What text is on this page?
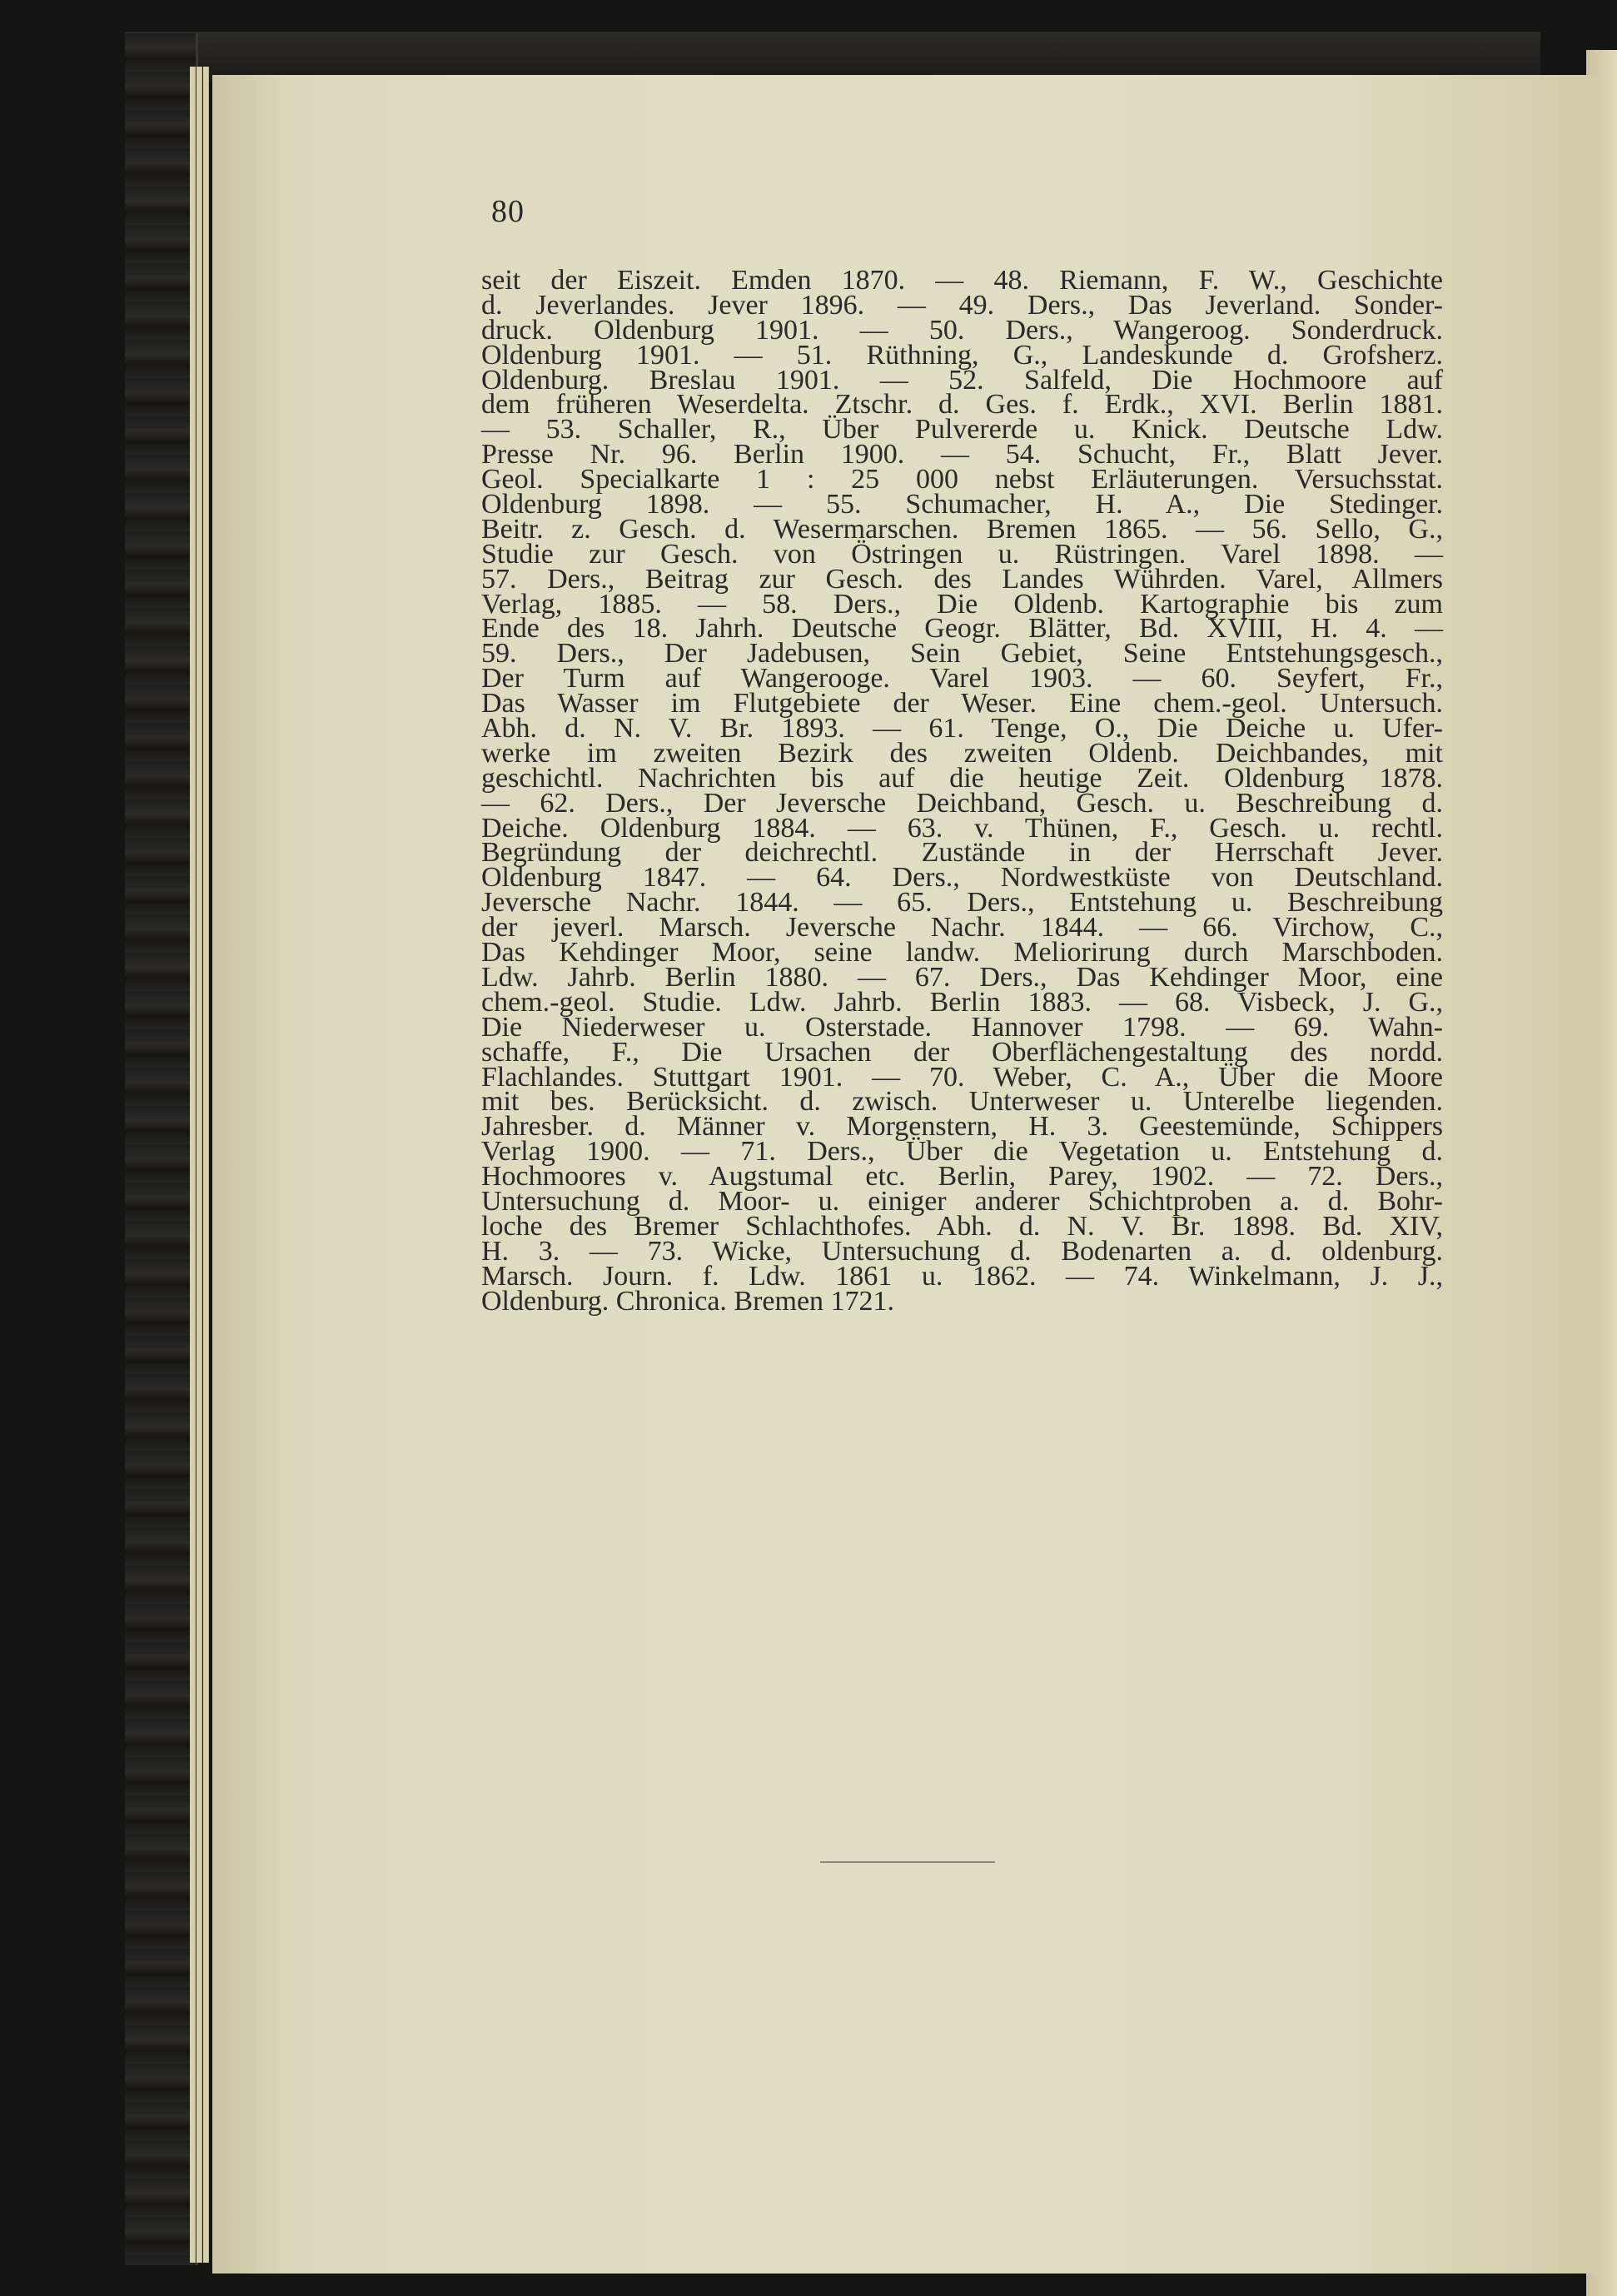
80
seit der Eiszeit. Emden 1870. — 48. Riemann, F. W., Geschichte
d. Jeverlandes. Jever 1896. — 49. Ders., Das Jeverland. Sonder-
druck. Oldenburg 1901. — 50. Ders., Wangeroog. Sonderdruck.
Oldenburg 1901. — 51. Rüthning, G., Landeskunde d. Grofsherz.
Oldenburg. Breslau 1901. — 52. Salfeld, Die Hochmoore auf
dem früheren Weserdelta. Ztschr. d. Ges. f. Erdk., XVI. Berlin 1881.
— 53. Schaller, R., Über Pulvererde u. Knick. Deutsche Ldw.
Presse Nr. 96. Berlin 1900. — 54. Schucht, Fr., Blatt Jever.
Geol. Specialkarte 1 : 25 000 nebst Erläuterungen. Versuchsstat.
Oldenburg 1898. — 55. Schumacher, H. A., Die Stedinger.
Beitr. z. Gesch. d. Wesermarschen. Bremen 1865. — 56. Sello, G.,
Studie zur Gesch. von Östringen u. Rüstringen. Varel 1898. —
57. Ders., Beitrag zur Gesch. des Landes Wührden. Varel, Allmers
Verlag, 1885. — 58. Ders., Die Oldenb. Kartographie bis zum
Ende des 18. Jahrh. Deutsche Geogr. Blätter, Bd. XVIII, H. 4. —
59. Ders., Der Jadebusen, Sein Gebiet, Seine Entstehungsgesch.,
Der Turm auf Wangerooge. Varel 1903. — 60. Seyfert, Fr.,
Das Wasser im Flutgebiete der Weser. Eine chem.-geol. Untersuch.
Abh. d. N. V. Br. 1893. — 61. Tenge, O., Die Deiche u. Ufer-
werke im zweiten Bezirk des zweiten Oldenb. Deichbandes, mit
geschichtl. Nachrichten bis auf die heutige Zeit. Oldenburg 1878.
— 62. Ders., Der Jeversche Deichband, Gesch. u. Beschreibung d.
Deiche. Oldenburg 1884. — 63. v. Thünen, F., Gesch. u. rechtl.
Begründung der deichrechtl. Zustände in der Herrschaft Jever.
Oldenburg 1847. — 64. Ders., Nordwestküste von Deutschland.
Jeversche Nachr. 1844. — 65. Ders., Entstehung u. Beschreibung
der jeverl. Marsch. Jeversche Nachr. 1844. — 66. Virchow, C.,
Das Kehdinger Moor, seine landw. Meliorirung durch Marschboden.
Ldw. Jahrb. Berlin 1880. — 67. Ders., Das Kehdinger Moor, eine
chem.-geol. Studie. Ldw. Jahrb. Berlin 1883. — 68. Visbeck, J. G.,
Die Niederweser u. Osterstade. Hannover 1798. — 69. Wahn-
schaffe, F., Die Ursachen der Oberflächengestaltung des nordd.
Flachlandes. Stuttgart 1901. — 70. Weber, C. A., Über die Moore
mit bes. Berücksicht. d. zwisch. Unterweser u. Unterelbe liegenden.
Jahresber. d. Männer v. Morgenstern, H. 3. Geestemünde, Schippers
Verlag 1900. — 71. Ders., Über die Vegetation u. Entstehung d.
Hochmoores v. Augstumal etc. Berlin, Parey, 1902. — 72. Ders.,
Untersuchung d. Moor- u. einiger anderer Schichtproben a. d. Bohr-
loche des Bremer Schlachthofes. Abh. d. N. V. Br. 1898. Bd. XIV,
H. 3. — 73. Wicke, Untersuchung d. Bodenarten a. d. oldenburg.
Marsch. Journ. f. Ldw. 1861 u. 1862. — 74. Winkelmann, J. J.,
Oldenburg. Chronica. Bremen 1721.
